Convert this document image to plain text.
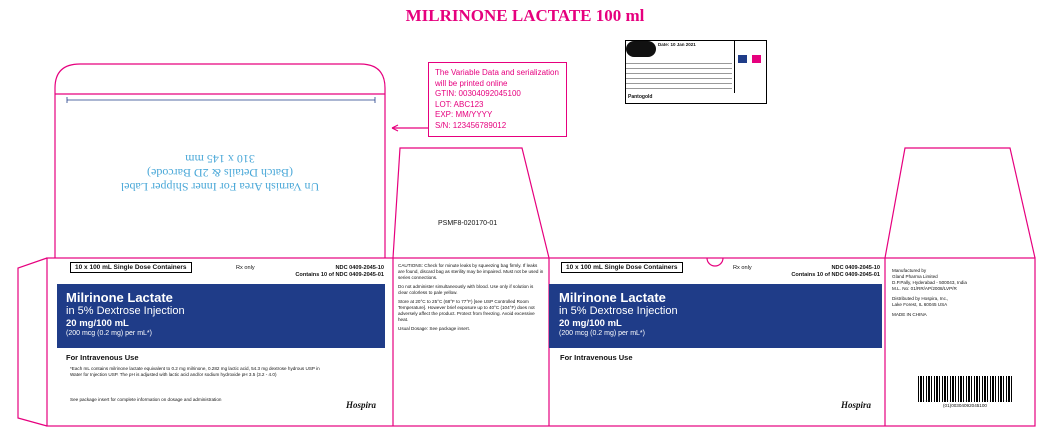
MILRINONE LACTATE 100 ml
Un Varnish Area For Inner Shipper Label
(Batch Details & 2D Barcode)
310 x 145 mm
The Variable Data and serialization
will be printed online
GTIN: 00304092045100
LOT: ABC123
EXP: MM/YYYY
S/N: 123456789012
Date: 10 Jan 2021
Pantogold
PSMF8-020170-01
10 x 100 mL Single Dose Containers	Rx only	NDC 0409-2045-10
Contains 10 of NDC 0409-2045-01
Milrinone Lactate
in 5% Dextrose Injection
20 mg/100 mL
(200 mcg (0.2 mg) per mL*)
For Intravenous Use
*Each mL contains milrinone lactate equivalent to 0.2 mg milrinone, 0.282 mg lactic acid, 54.3 mg dextrose hydrous USP in Water for Injection USP. The pH is adjusted with lactic acid and/or sodium hydroxide pH 3.5 (3.2 - 4.0)
See package insert for complete information on dosage and administration
Hospira
CAUTIONS: Check for minute leaks by squeezing bag firmly. If leaks are found, discard bag as sterility may be impaired. Must not be used in series connections.
Do not administer simultaneously with blood. Use only if solution is clear colorless to pale yellow.
Store at 20°C to 25°C (68°F to 77°F) [see USP Controlled Room Temperature]. However brief exposure up to 40°C (104°F) does not adversely affect the product. Protect from freezing. Avoid excessive heat.
Usual Dosage: See package insert.
10 x 100 mL Single Dose Containers	Rx only	NDC 0409-2045-10
Contains 10 of NDC 0409-2045-01
Milrinone Lactate
in 5% Dextrose Injection
20 mg/100 mL
(200 mcg (0.2 mg) per mL*)
For Intravenous Use
Hospira
Manufactured by
Gland Pharma Limited
D.P.Pally, Hyderabad - 500043, India
M.L. No: 01/RR/AP/2008/LVP/R
Distributed by Hospira, Inc.,
Lake Forest, IL 60045 USA
MADE IN CHINA
(01)00304092045100
